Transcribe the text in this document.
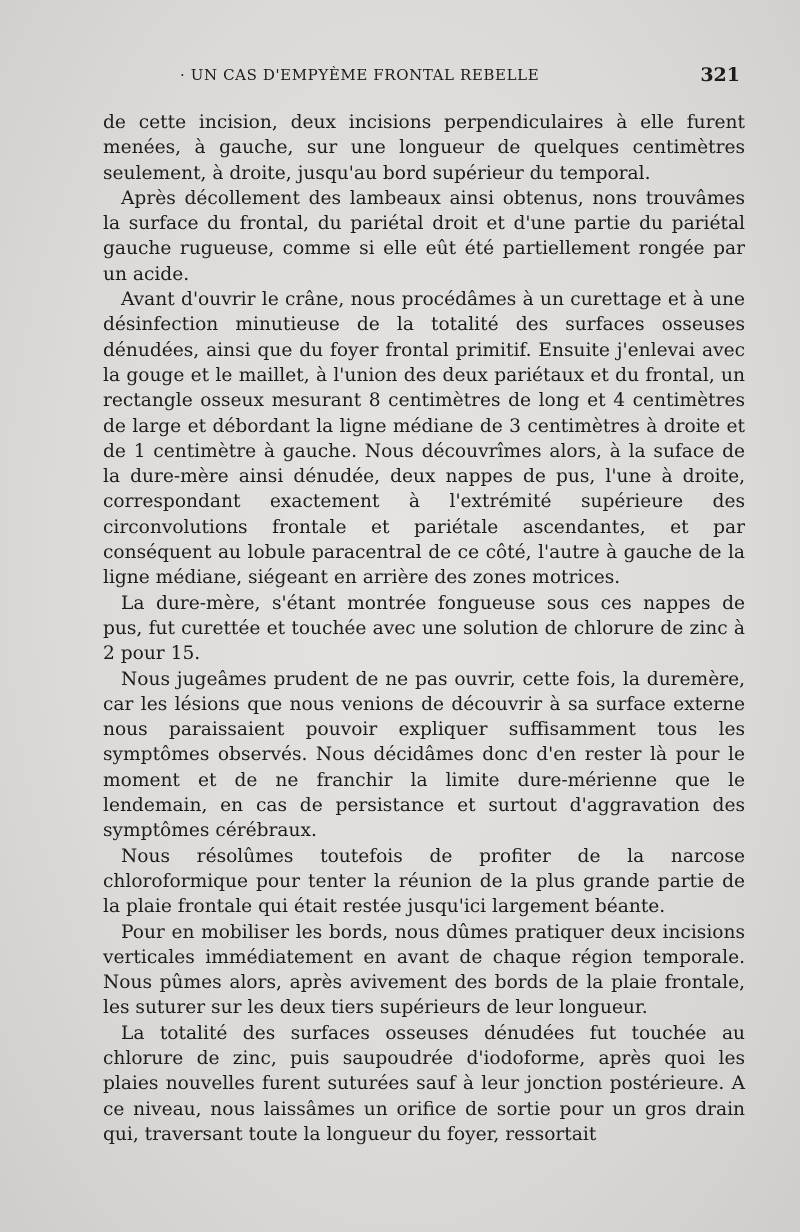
· UN CAS D'EMPYÈME FRONTAL REBELLE	321

de cette incision, deux incisions perpendiculaires à elle furent menées, à gauche, sur une longueur de quelques centimètres seulement, à droite, jusqu'au bord supérieur du temporal.

Après décollement des lambeaux ainsi obtenus, nons trouvâmes la surface du frontal, du pariétal droit et d'une partie du pariétal gauche rugueuse, comme si elle eût été partiellement rongée par un acide.

Avant d'ouvrir le crâne, nous procédâmes à un curettage et à une désinfection minutieuse de la totalité des surfaces osseuses dénudées, ainsi que du foyer frontal primitif. Ensuite j'enlevai avec la gouge et le maillet, à l'union des deux pariétaux et du frontal, un rectangle osseux mesurant 8 centimètres de long et 4 centimètres de large et débordant la ligne médiane de 3 centimètres à droite et de 1 centimètre à gauche. Nous découvrîmes alors, à la suface de la dure-mère ainsi dénudée, deux nappes de pus, l'une à droite, correspondant exactement à l'extrémité supérieure des circonvolutions frontale et pariétale ascendantes, et par conséquent au lobule paracentral de ce côté, l'autre à gauche de la ligne médiane, siégeant en arrière des zones motrices.

La dure-mère, s'étant montrée fongueuse sous ces nappes de pus, fut curettée et touchée avec une solution de chlorure de zinc à 2 pour 15.

Nous jugeâmes prudent de ne pas ouvrir, cette fois, la duremère, car les lésions que nous venions de découvrir à sa surface externe nous paraissaient pouvoir expliquer suffisamment tous les symptômes observés. Nous décidâmes donc d'en rester là pour le moment et de ne franchir la limite dure-mérienne que le lendemain, en cas de persistance et surtout d'aggravation des symptômes cérébraux.

Nous résolûmes toutefois de profiter de la narcose chloroformique pour tenter la réunion de la plus grande partie de la plaie frontale qui était restée jusqu'ici largement béante.

Pour en mobiliser les bords, nous dûmes pratiquer deux incisions verticales immédiatement en avant de chaque région temporale. Nous pûmes alors, après avivement des bords de la plaie frontale, les suturer sur les deux tiers supérieurs de leur longueur.

La totalité des surfaces osseuses dénudées fut touchée au chlorure de zinc, puis saupoudrée d'iodoforme, après quoi les plaies nouvelles furent suturées sauf à leur jonction postérieure. A ce niveau, nous laissâmes un orifice de sortie pour un gros drain qui, traversant toute la longueur du foyer, ressortait
